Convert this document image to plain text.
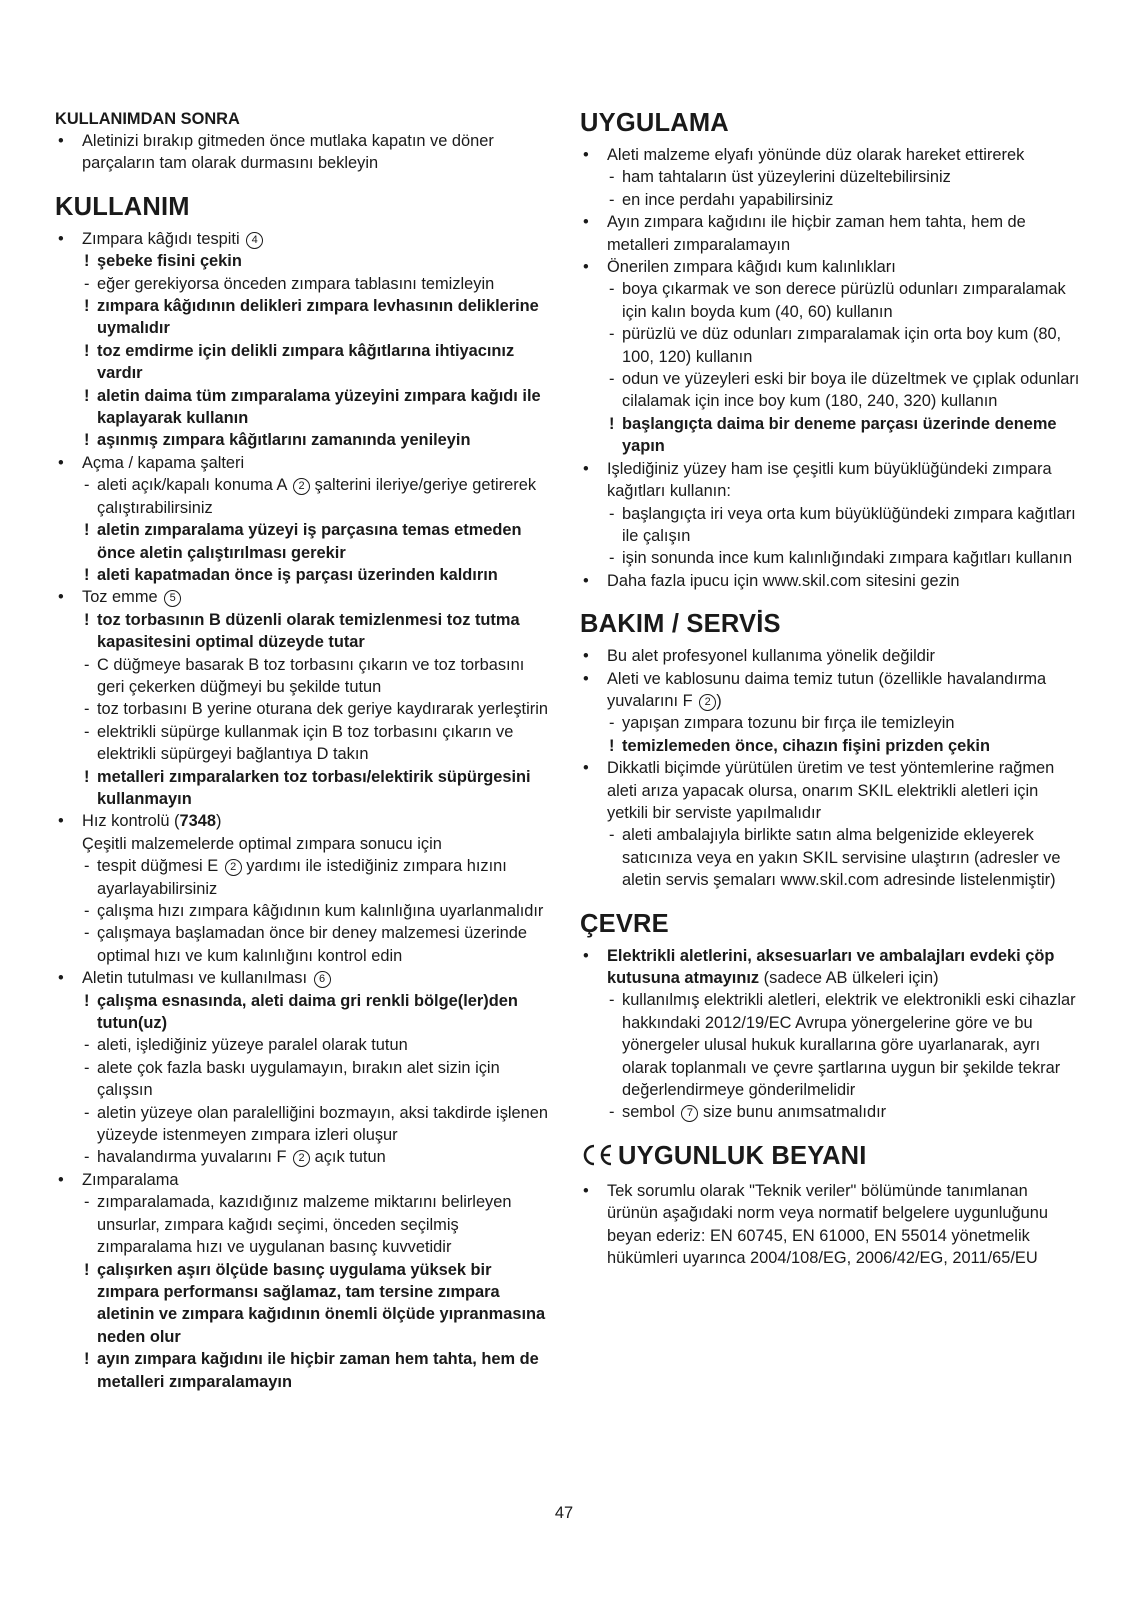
KULLANIMDAN SONRA
• Aletinizi bırakıp gitmeden önce mutlaka kapatın ve döner parçaların tam olarak durmasını bekleyin
KULLANIM
• Zımpara kâğıdı tespiti 4
! şebeke fisini çekin
- eğer gerekiyorsa önceden zımpara tablasını temizleyin
! zımpara kâğıdının delikleri zımpara levhasının deliklerine uymalıdır
! toz emdirme için delikli zımpara kâğıtlarına ihtiyacınız vardır
! aletin daima tüm zımparalama yüzeyini zımpara kağıdı ile kaplayarak kullanın
! aşınmış zımpara kâğıtlarını zamanında yenileyin
• Açma / kapama şalteri
- aleti açık/kapalı konuma A 2 şalterini ileriye/geriye getirerek çalıştırabilirsiniz
! aletin zımparalama yüzeyi iş parçasına temas etmeden önce aletin çalıştırılması gerekir
! aleti kapatmadan önce iş parçası üzerinden kaldırın
• Toz emme 5
! toz torbasının B düzenli olarak temizlenmesi toz tutma kapasitesini optimal düzeyde tutar
- C düğmeye basarak B toz torbasını çıkarın ve toz torbasını geri çekerken düğmeyi bu şekilde tutun
- toz torbasını B yerine oturana dek geriye kaydırarak yerleştirin
- elektrikli süpürge kullanmak için B toz torbasını çıkarın ve elektrikli süpürgeyi bağlantıya D takın
! metalleri zımparalarken toz torbası/elektirik süpürgesini kullanmayın
• Hız kontrolü (7348)
Çeşitli malzemelerde optimal zımpara sonucu için
- tespit düğmesi E 2 yardımı ile istediğiniz zımpara hızını ayarlayabilirsiniz
- çalışma hızı zımpara kâğıdının kum kalınlığına uyarlanmalıdır
- çalışmaya başlamadan önce bir deney malzemesi üzerinde optimal hızı ve kum kalınlığını kontrol edin
• Aletin tutulması ve kullanılması 6
! çalışma esnasında, aleti daima gri renkli bölge(ler)den tutun(uz)
- aleti, işlediğiniz yüzeye paralel olarak tutun
- alete çok fazla baskı uygulamayın, bırakın alet sizin için çalışsın
- aletin yüzeye olan paralelliğini bozmayın, aksi takdirde işlenen yüzeyde istenmeyen zımpara izleri oluşur
- havalandırma yuvalarını F 2 açık tutun
• Zımparalama
- zımparalamada, kazıdığınız malzeme miktarını belirleyen unsurlar, zımpara kağıdı seçimi, önceden seçilmiş zımparalama hızı ve uygulanan basınç kuvvetidir
! çalışırken aşırı ölçüde basınç uygulama yüksek bir zımpara performansı sağlamaz, tam tersine zımpara aletinin ve zımpara kağıdının önemli ölçüde yıpranmasına neden olur
! ayın zımpara kağıdını ile hiçbir zaman hem tahta, hem de metalleri zımparalamayın
UYGULAMA
• Aleti malzeme elyafı yönünde düz olarak hareket ettirerek
- ham tahtaların üst yüzeylerini düzeltebilirsiniz
- en ince perdahı yapabilirsiniz
• Ayın zımpara kağıdını ile hiçbir zaman hem tahta, hem de metalleri zımparalamayın
• Önerilen zımpara kâğıdı kum kalınlıkları
- boya çıkarmak ve son derece pürüzlü odunları zımparalamak için kalın boyda kum (40, 60) kullanın
- pürüzlü ve düz odunları zımparalamak için orta boy kum (80, 100, 120) kullanın
- odun ve yüzeyleri eski bir boya ile düzeltmek ve çıplak odunları cilalamak için ince boy kum (180, 240, 320) kullanın
! başlangıçta daima bir deneme parçası üzerinde deneme yapın
• Işlediğiniz yüzey ham ise çeşitli kum büyüklüğündeki zımpara kağıtları kullanın:
- başlangıçta iri veya orta kum büyüklüğündeki zımpara kağıtları ile çalışın
- işin sonunda ince kum kalınlığındaki zımpara kağıtları kullanın
• Daha fazla ipucu için www.skil.com sitesini gezin
BAKIM / SERVİS
• Bu alet profesyonel kullanıma yönelik değildir
• Aleti ve kablosunu daima temiz tutun (özellikle havalandırma yuvalarını F 2 )
- yapışan zımpara tozunu bir fırça ile temizleyin
! temizlemeden önce, cihazın fişini prizden çekin
• Dikkatli biçimde yürütülen üretim ve test yöntemlerine rağmen aleti arıza yapacak olursa, onarım SKIL elektrikli aletleri için yetkili bir serviste yapılmalıdır
- aleti ambalajıyla birlikte satın alma belgenizide ekleyerek satıcınıza veya en yakın SKIL servisine ulaştırın (adresler ve aletin servis şemaları www.skil.com adresinde listelenmiştir)
ÇEVRE
• Elektrikli aletlerini, aksesuarları ve ambalajları evdeki çöp kutusuna atmayınız (sadece AB ülkeleri için)
- kullanılmış elektrikli aletleri, elektrik ve elektronikli eski cihazlar hakkındaki 2012/19/EC Avrupa yönergelerine göre ve bu yönergeler ulusal hukuk kurallarına göre uyarlanarak, ayrı olarak toplanmalı ve çevre şartlarına uygun bir şekilde tekrar değerlendirmeye gönderilmelidir
- sembol 7 size bunu anımsatmalıdır
UYGUNLUK BEYANI
• Tek sorumlu olarak "Teknik veriler" bölümünde tanımlanan ürünün aşağıdaki norm veya normatif belgelere uygunluğunu beyan ederiz: EN 60745, EN 61000, EN 55014 yönetmelik hükümleri uyarınca 2004/108/EG, 2006/42/EG, 2011/65/EU
47
